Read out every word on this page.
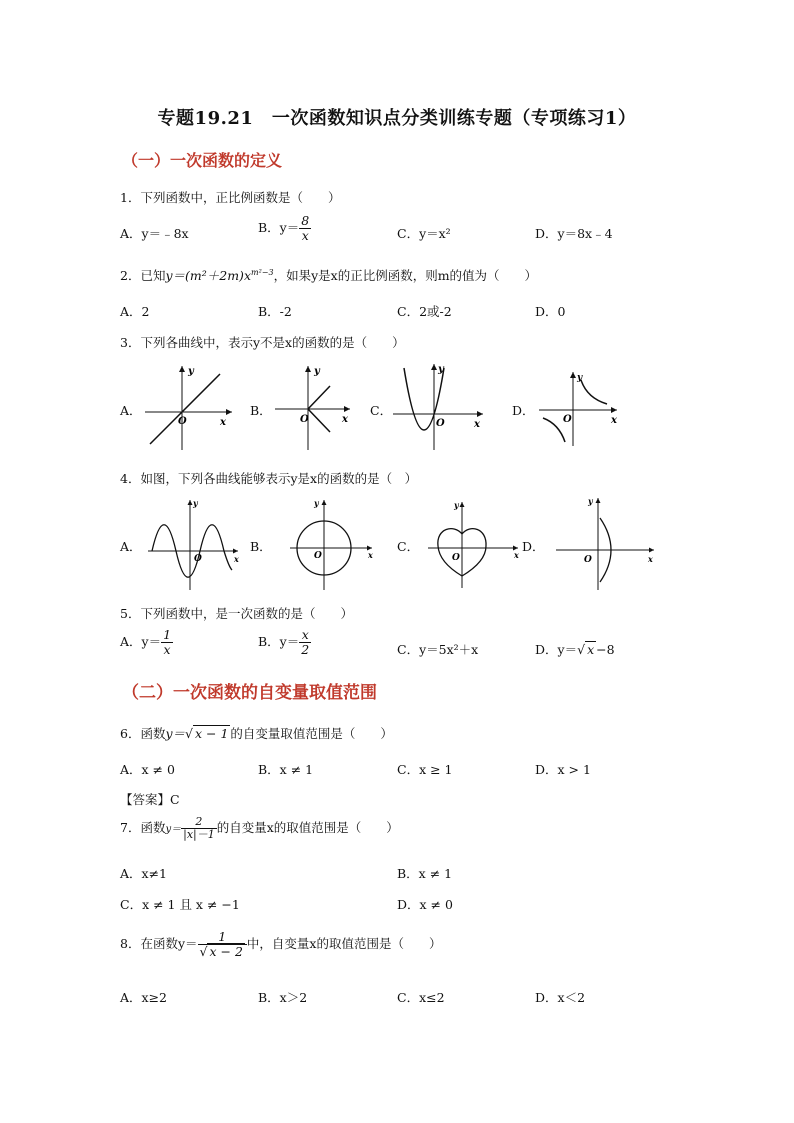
专题19.21　一次函数知识点分类训练专题（专项练习1）
（一）一次函数的定义
1．下列函数中，正比例函数是（　　）
A．y＝﹣8x	B．$y= \frac{8}{x}$	C．y＝x²	D．y＝8x﹣4
2．已知$y=(m^2+2m)x^{m^2-3}$，如果y是x的正比例函数，则m的值为（　　）
A．2	B．-2	C．2或-2	D．0
3．下列各曲线中，表示y不是x的函数的是（　　）
A．	B．	C．	D．
y
x
O
y
x
O
y
x
O
y
x
O
4．如图，下列各曲线能够表示y是x的函数的是（　）
A．	B．	C．	D．
y
x
O
y
x
O
y
x
O
y
x
O
5．下列函数中，是一次函数的是（　　）
A．$y= \frac{1}{x}$	B．$y= \frac{x}{2}$	C．y＝5x²＋x	D．y＝√ x −8
（二）一次函数的自变量取值范围
6．函数y＝√ x − 1 的自变量取值范围是（　　）
A．x ≠ 0	B．x ≠ 1	C．x ≥ 1	D．x > 1
【答案】C
7．函数$y= \frac{2}{|x|-1}$ 的自变量x的取值范围是（　　）
A．x≠1	B．x ≠ 1
C．x ≠ 1 且 x ≠ −1	D．x ≠ 0
8．在函数$y= \frac{1}{√ x - 2}$ 中，自变量x的取值范围是（　　）
A．x≥2	B．x＞2	C．x≤2	D．x＜2
